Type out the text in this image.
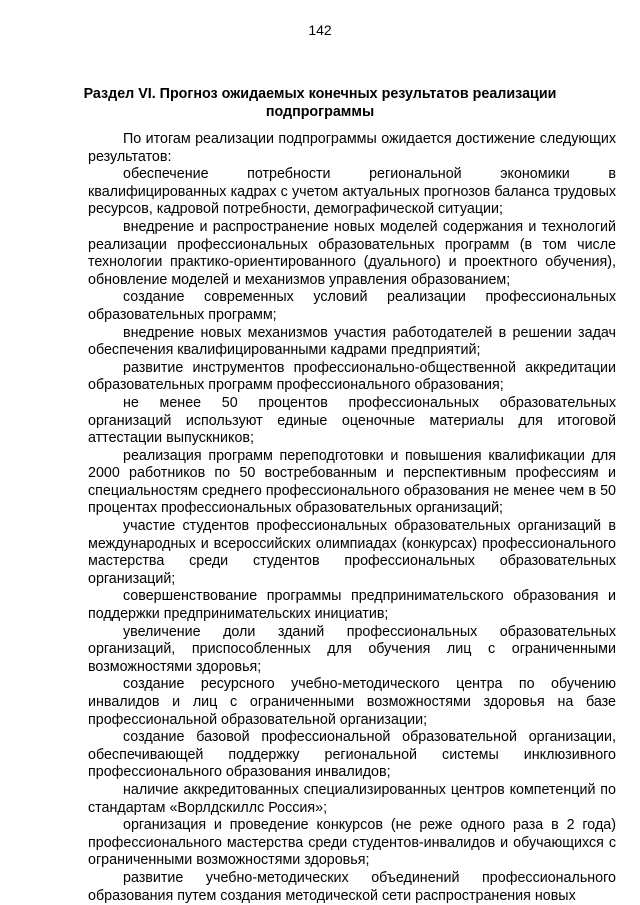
142
Раздел VI. Прогноз ожидаемых конечных результатов реализации подпрограммы

По итогам реализации подпрограммы ожидается достижение следующих результатов:

обеспечение потребности региональной экономики в квалифицированных кадрах с учетом актуальных прогнозов баланса трудовых ресурсов, кадровой потребности, демографической ситуации;

внедрение и распространение новых моделей содержания и технологий реализации профессиональных образовательных программ (в том числе технологии практико-ориентированного (дуального) и проектного обучения), обновление моделей и механизмов управления образованием;

создание современных условий реализации профессиональных образовательных программ;

внедрение новых механизмов участия работодателей в решении задач обеспечения квалифицированными кадрами предприятий;

развитие инструментов профессионально-общественной аккредитации образовательных программ профессионального образования;

не менее 50 процентов профессиональных образовательных организаций используют единые оценочные материалы для итоговой аттестации выпускников;

реализация программ переподготовки и повышения квалификации для 2000 работников по 50 востребованным и перспективным профессиям и специальностям среднего профессионального образования не менее чем в 50 процентах профессиональных образовательных организаций;

участие студентов профессиональных образовательных организаций в международных и всероссийских олимпиадах (конкурсах) профессионального мастерства среди студентов профессиональных образовательных организаций;

совершенствование программы предпринимательского образования и поддержки предпринимательских инициатив;

увеличение доли зданий профессиональных образовательных организаций, приспособленных для обучения лиц с ограниченными возможностями здоровья;

создание ресурсного учебно-методического центра по обучению инвалидов и лиц с ограниченными возможностями здоровья на базе профессиональной образовательной организации;

создание базовой профессиональной образовательной организации, обеспечивающей поддержку региональной системы инклюзивного профессионального образования инвалидов;

наличие аккредитованных специализированных центров компетенций по стандартам «Ворлдскиллс Россия»;

организация и проведение конкурсов (не реже одного раза в 2 года) профессионального мастерства среди студентов-инвалидов и обучающихся с ограниченными возможностями здоровья;

развитие учебно-методических объединений профессионального образования путем создания методической сети распространения новых
